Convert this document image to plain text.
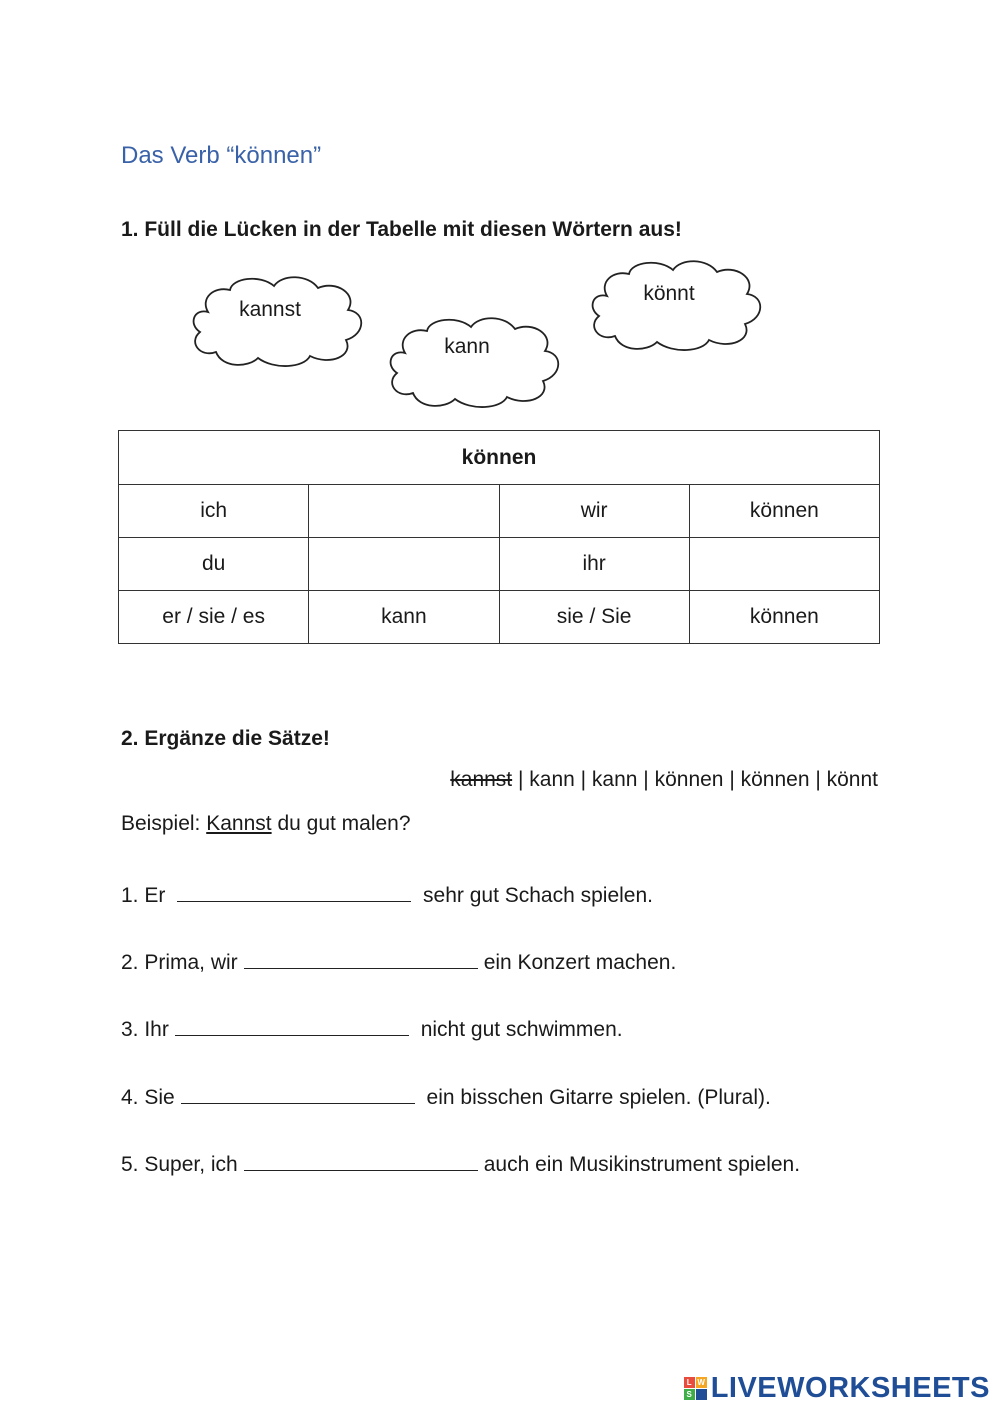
Das Verb “können”
1. Füll die Lücken in der Tabelle mit diesen Wörtern aus!
kannst
kann
könnt
können			
ich		wir	können
du		ihr	
er / sie / es	kann	sie / Sie	können
2. Ergänze die Sätze!
kannst | kann | kann | können | können | könnt
Beispiel: Kannst du gut malen?
1. Er	sehr gut Schach spielen.
2. Prima, wir	ein Konzert machen.
3. Ihr	nicht gut schwimmen.
4. Sie	ein bisschen Gitarre spielen. (Plural).
5. Super, ich	auch ein Musikinstrument spielen.
L W
S LIVEWORKSHEETS
